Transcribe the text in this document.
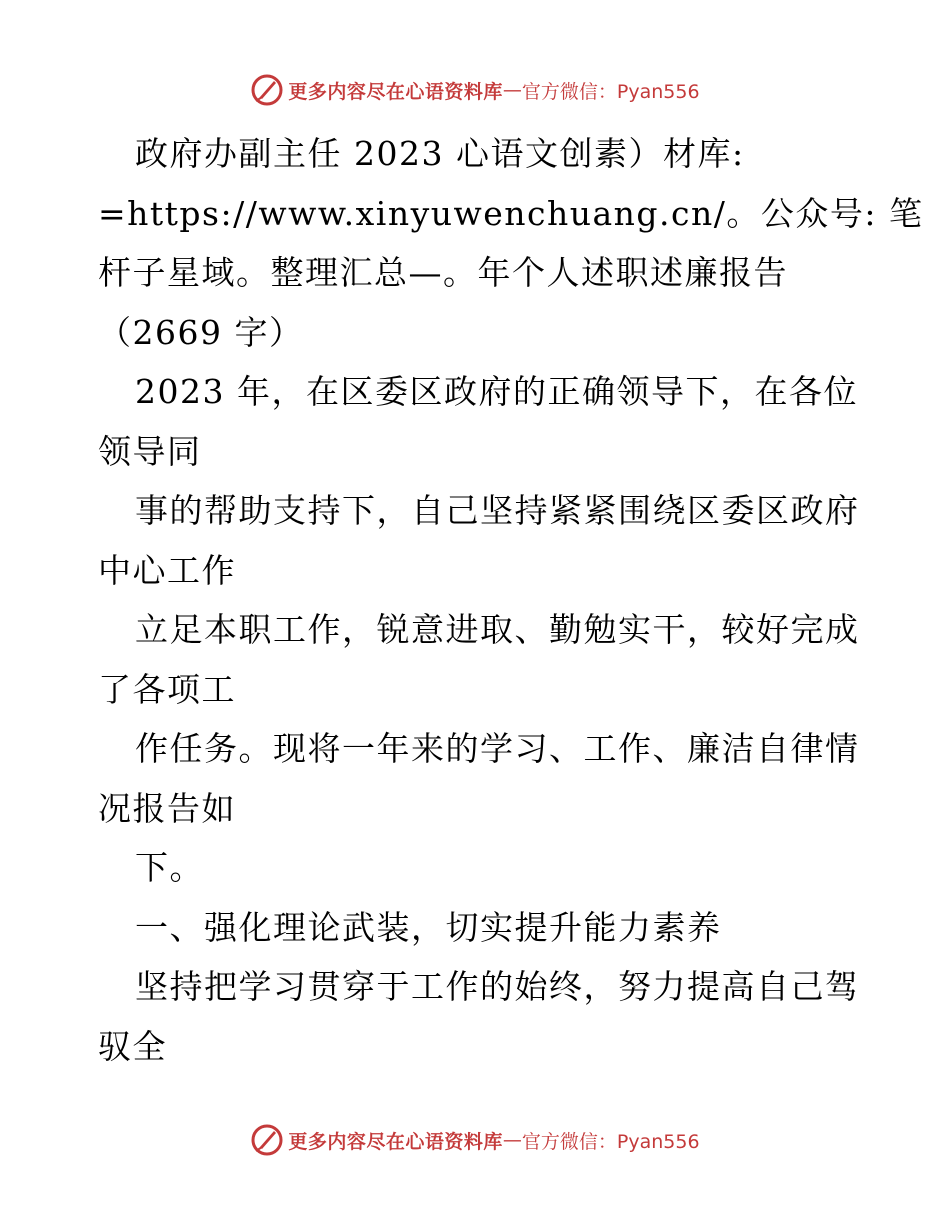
更多内容尽在心语资料库 — 官方微信：Pyan556
政府办副主任 2023 心语文创素）材库:
=https://www.xinyuwenchuang.cn/。公众号: 笔
杆子星域。整理汇总—。年个人述职述廉报告
（2669 字）
2023 年，在区委区政府的正确领导下，在各位
领导同
事的帮助支持下，自己坚持紧紧围绕区委区政府
中心工作
立足本职工作，锐意进取、勤勉实干，较好完成
了各项工
作任务。现将一年来的学习、工作、廉洁自律情
况报告如
下。
一、强化理论武装，切实提升能力素养
坚持把学习贯穿于工作的始终，努力提高自己驾
驭全
更多内容尽在心语资料库 — 官方微信：Pyan556
